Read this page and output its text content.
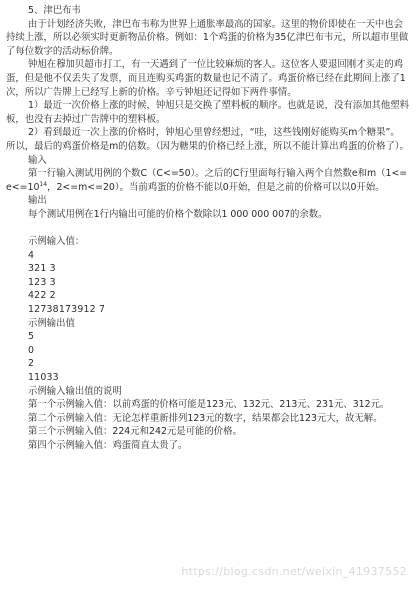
5、津巴布韦

由于计划经济失败，津巴布韦称为世界上通胀率最高的国家。这里的物价即使在一天中也会持续上涨，所以必须实时更新物品价格。例如：1个鸡蛋的价格为35亿津巴布韦元，所以超市里做了每位数字的活动标价牌。

钟旭在穆加贝超市打工，有一天遇到了一位比较麻烦的客人。这位客人要退回刚才买走的鸡蛋，但是他不仅丢失了发票，而且连购买鸡蛋的数量也记不清了。鸡蛋价格已经在此期间上涨了1次，所以广告牌上已经写上新的价格。辛亏钟旭还记得如下两件事情。

1）最近一次价格上涨的时候，钟旭只是交换了塑料板的顺序。也就是说，没有添加其他塑料板，也没有去掉过广告牌中的塑料板。

2）看到最近一次上涨的价格时，钟旭心里曾经想过，“哇，这些钱刚好能购买m个糖果”。所以，最后的鸡蛋价格是m的倍数。（因为糖果的价格已经上涨，所以不能计算出鸡蛋的价格了）。

输入

第一行输入测试用例的个数C（C<=50）。之后的C行里面每行输入两个自然数e和$m(1<=e<=10^{14}$，2<=m<=20）。当前鸡蛋的价格不能以0开始，但是之前的价格可以以0开始。

输出

每个测试用例在1行内输出可能的价格个数除以1 000 000 007的余数。

示例输入值：

4

321 3

123 3

422 2

12738173912 7

示例输出值

5

0

2

11033

示例输入输出值的说明

第一个示例输入值：以前鸡蛋的价格可能是123元、132元、213元、231元、312元。

第二个示例输入值：无论怎样重新排列123元的数字，结果都会比123元大，故无解。

第三个示例输入值：224元和242元是可能的价格。

第四个示例输入值：鸡蛋简直太贵了。

https://blog.csdn.net/weixin_41937552
